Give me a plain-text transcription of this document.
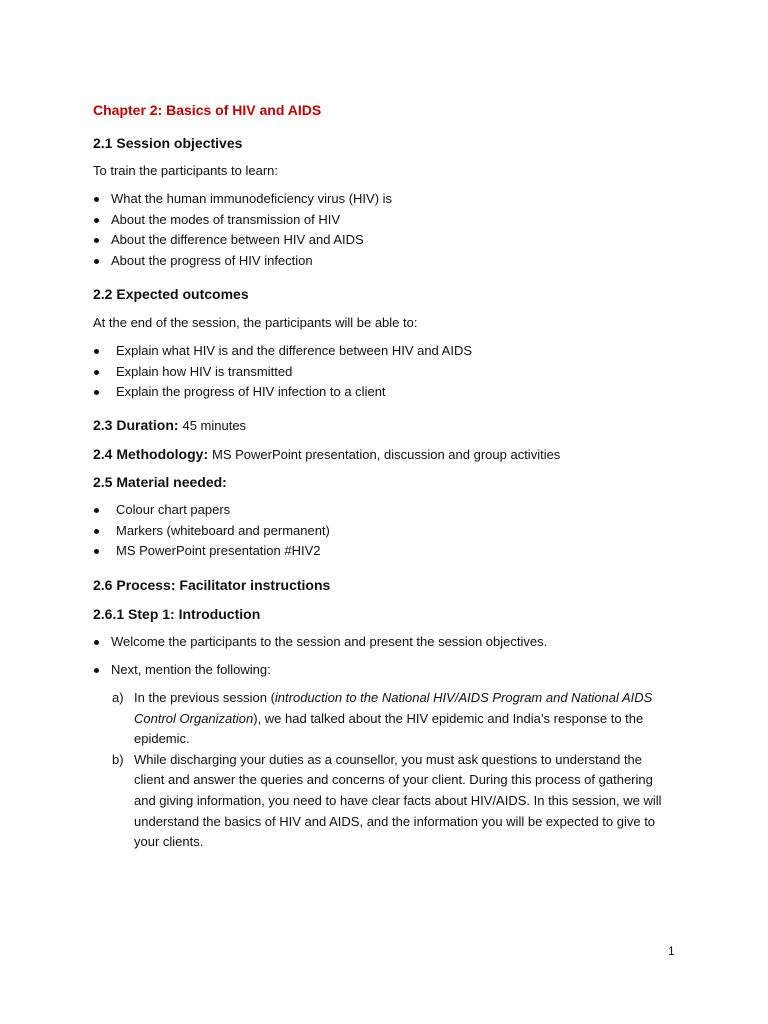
Chapter 2: Basics of HIV and AIDS
2.1 Session objectives

To train the participants to learn:

What the human immunodeficiency virus (HIV) is
About the modes of transmission of HIV
About the difference between HIV and AIDS
About the progress of HIV infection
2.2 Expected outcomes

At the end of the session, the participants will be able to:

Explain what HIV is and the difference between HIV and AIDS
Explain how HIV is transmitted
Explain the progress of HIV infection to a client
2.3 Duration: 45 minutes
2.4 Methodology: MS PowerPoint presentation, discussion and group activities
2.5 Material needed:
Colour chart papers
Markers (whiteboard and permanent)
MS PowerPoint presentation #HIV2
2.6 Process: Facilitator instructions
2.6.1 Step 1: Introduction
Welcome the participants to the session and present the session objectives.
Next, mention the following:
a) In the previous session (introduction to the National HIV/AIDS Program and National AIDS Control Organization), we had talked about the HIV epidemic and India’s response to the epidemic.
b) While discharging your duties as a counsellor, you must ask questions to understand the client and answer the queries and concerns of your client. During this process of gathering and giving information, you need to have clear facts about HIV/AIDS. In this session, we will understand the basics of HIV and AIDS, and the information you will be expected to give to your clients.
1
